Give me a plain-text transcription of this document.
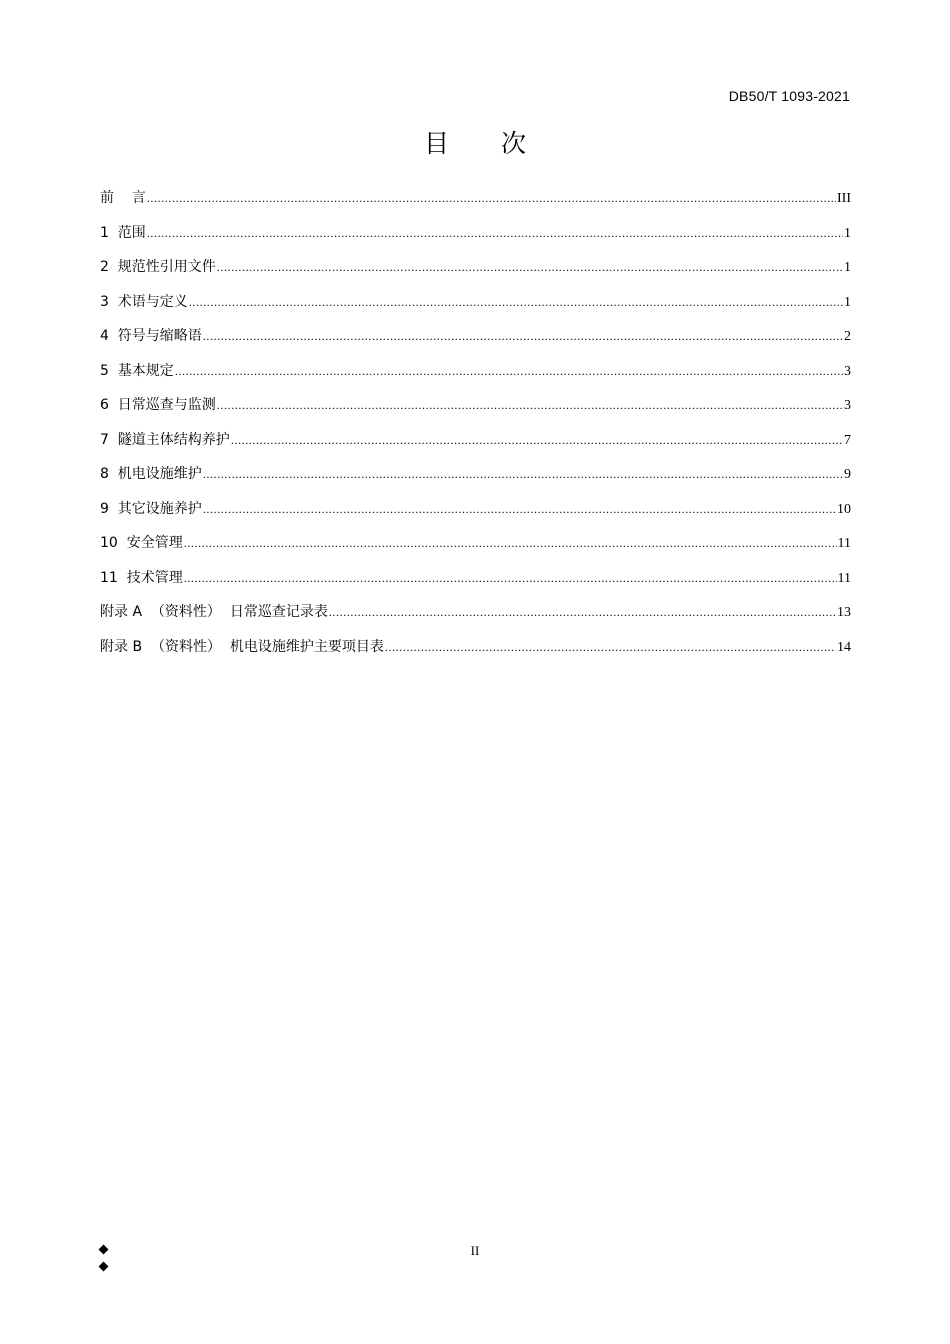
DB50/T 1093-2021
目 次
前    言 .....	III
1  范围 .....	1
2  规范性引用文件 .....	1
3  术语与定义 .....	1
4  符号与缩略语 .....	2
5  基本规定 .....	3
6  日常巡查与监测 .....	3
7  隧道主体结构养护 .....	7
8  机电设施维护 .....	9
9  其它设施养护 .....	10
10  安全管理 .....	11
11  技术管理 .....	11
附录 A  （资料性）  日常巡查记录表 .....	13
附录 B  （资料性）  机电设施维护主要项目表 .....	14
II
